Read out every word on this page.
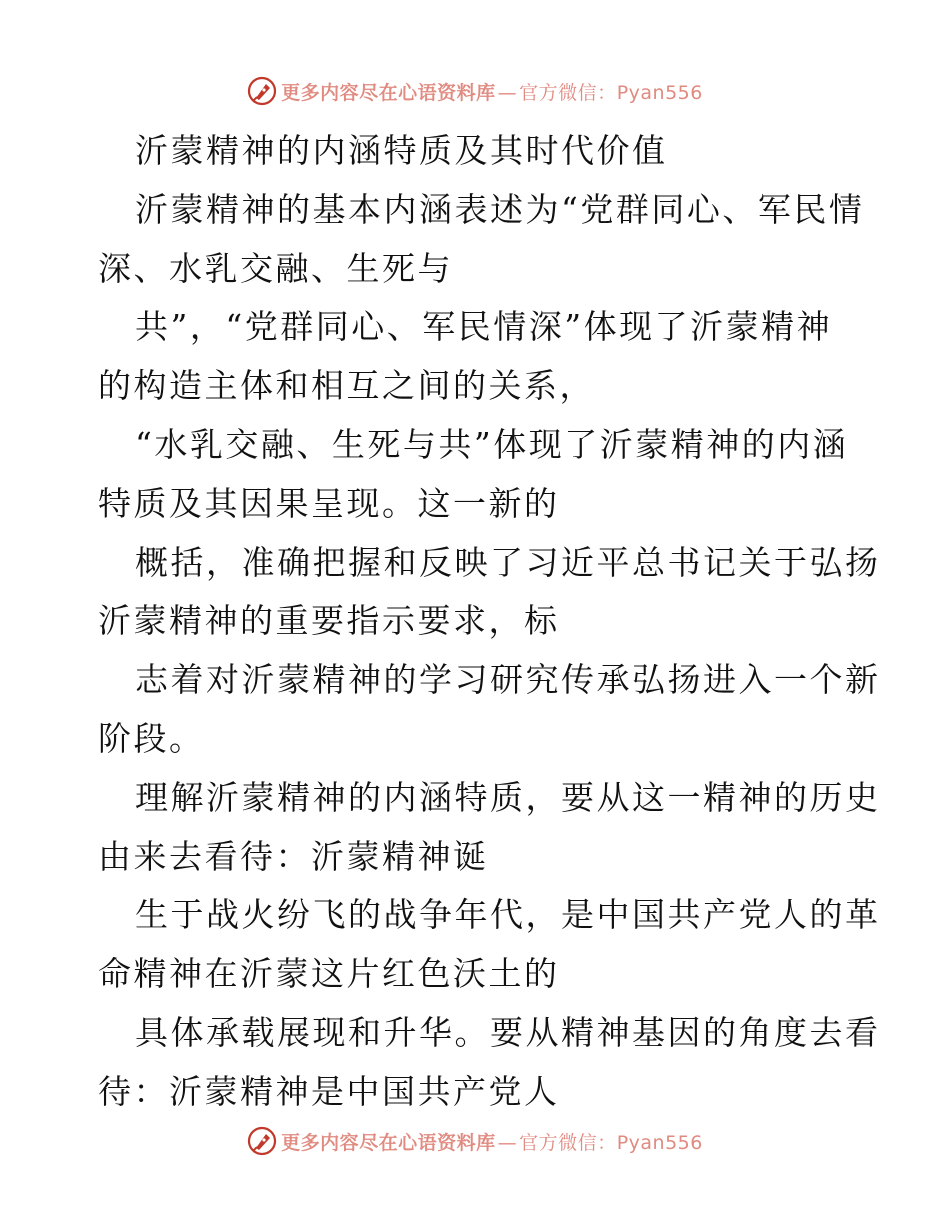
更多内容尽在心语资料库 — 官方微信：Pyan556
沂蒙精神的内涵特质及其时代价值
沂蒙精神的基本内涵表述为“党群同心、军民情
深、水乳交融、生死与
共”，“党群同心、军民情深”体现了沂蒙精神
的构造主体和相互之间的关系，
“水乳交融、生死与共”体现了沂蒙精神的内涵
特质及其因果呈现。这一新的
概括，准确把握和反映了习近平总书记关于弘扬
沂蒙精神的重要指示要求，标
志着对沂蒙精神的学习研究传承弘扬进入一个新
阶段。
理解沂蒙精神的内涵特质，要从这一精神的历史
由来去看待：沂蒙精神诞
生于战火纷飞的战争年代，是中国共产党人的革
命精神在沂蒙这片红色沃土的
具体承载展现和升华。要从精神基因的角度去看
待：沂蒙精神是中国共产党人
更多内容尽在心语资料库 — 官方微信：Pyan556
